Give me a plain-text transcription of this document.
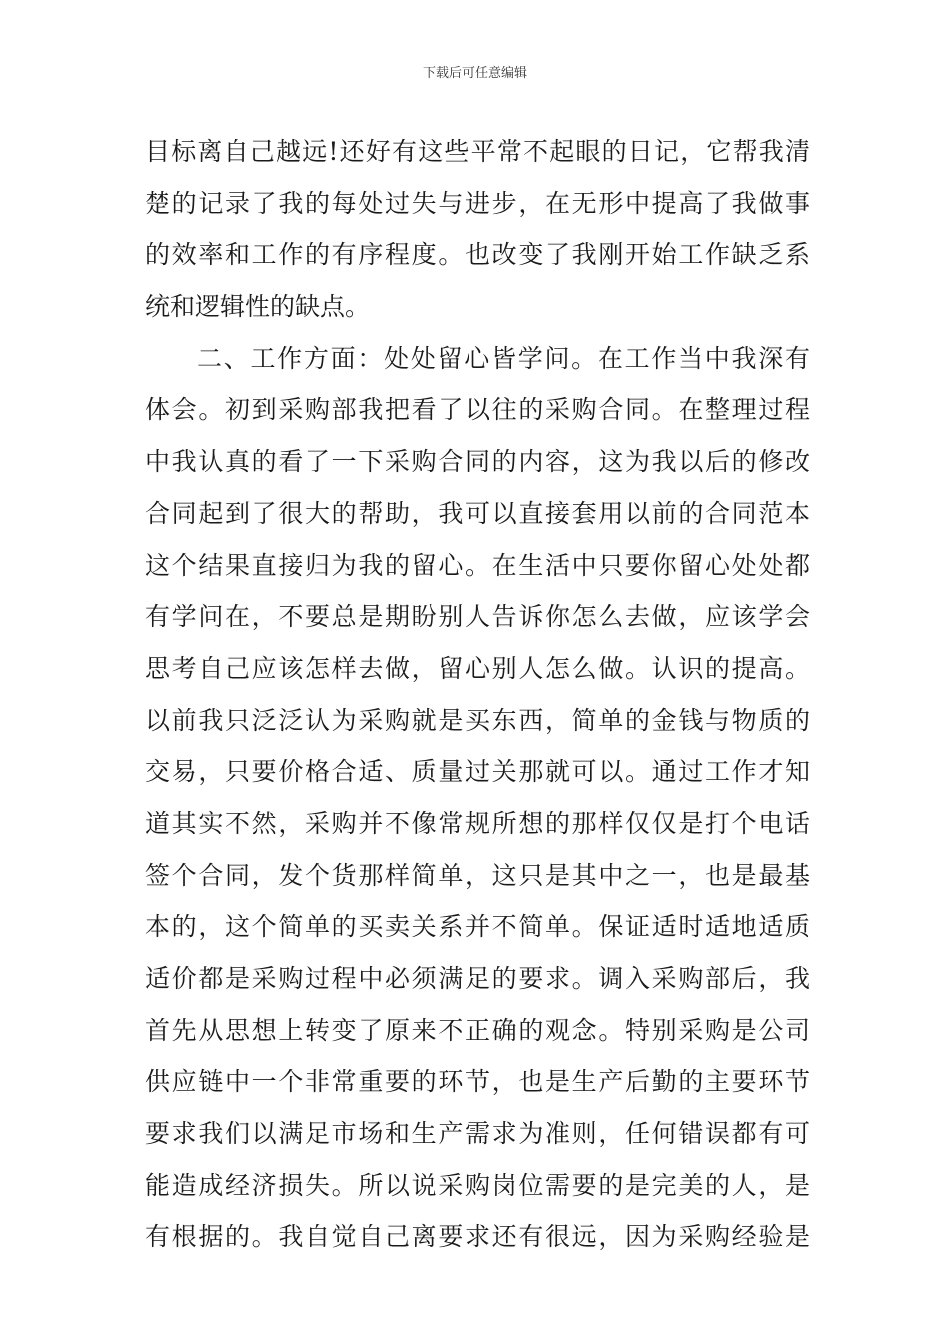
下载后可任意编辑
目标离自己越远!还好有这些平常不起眼的日记，它帮我清
楚的记录了我的每处过失与进步，在无形中提高了我做事
的效率和工作的有序程度。也改变了我刚开始工作缺乏系
统和逻辑性的缺点。
二、工作方面：处处留心皆学问。在工作当中我深有
体会。初到采购部我把看了以往的采购合同。在整理过程
中我认真的看了一下采购合同的内容，这为我以后的修改
合同起到了很大的帮助，我可以直接套用以前的合同范本
这个结果直接归为我的留心。在生活中只要你留心处处都
有学问在，不要总是期盼别人告诉你怎么去做，应该学会
思考自己应该怎样去做，留心别人怎么做。认识的提高。
以前我只泛泛认为采购就是买东西，简单的金钱与物质的
交易，只要价格合适、质量过关那就可以。通过工作才知
道其实不然，采购并不像常规所想的那样仅仅是打个电话
签个合同，发个货那样简单，这只是其中之一，也是最基
本的，这个简单的买卖关系并不简单。保证适时适地适质
适价都是采购过程中必须满足的要求。调入采购部后，我
首先从思想上转变了原来不正确的观念。特别采购是公司
供应链中一个非常重要的环节，也是生产后勤的主要环节
要求我们以满足市场和生产需求为准则，任何错误都有可
能造成经济损失。所以说采购岗位需要的是完美的人，是
有根据的。我自觉自己离要求还有很远，因为采购经验是
